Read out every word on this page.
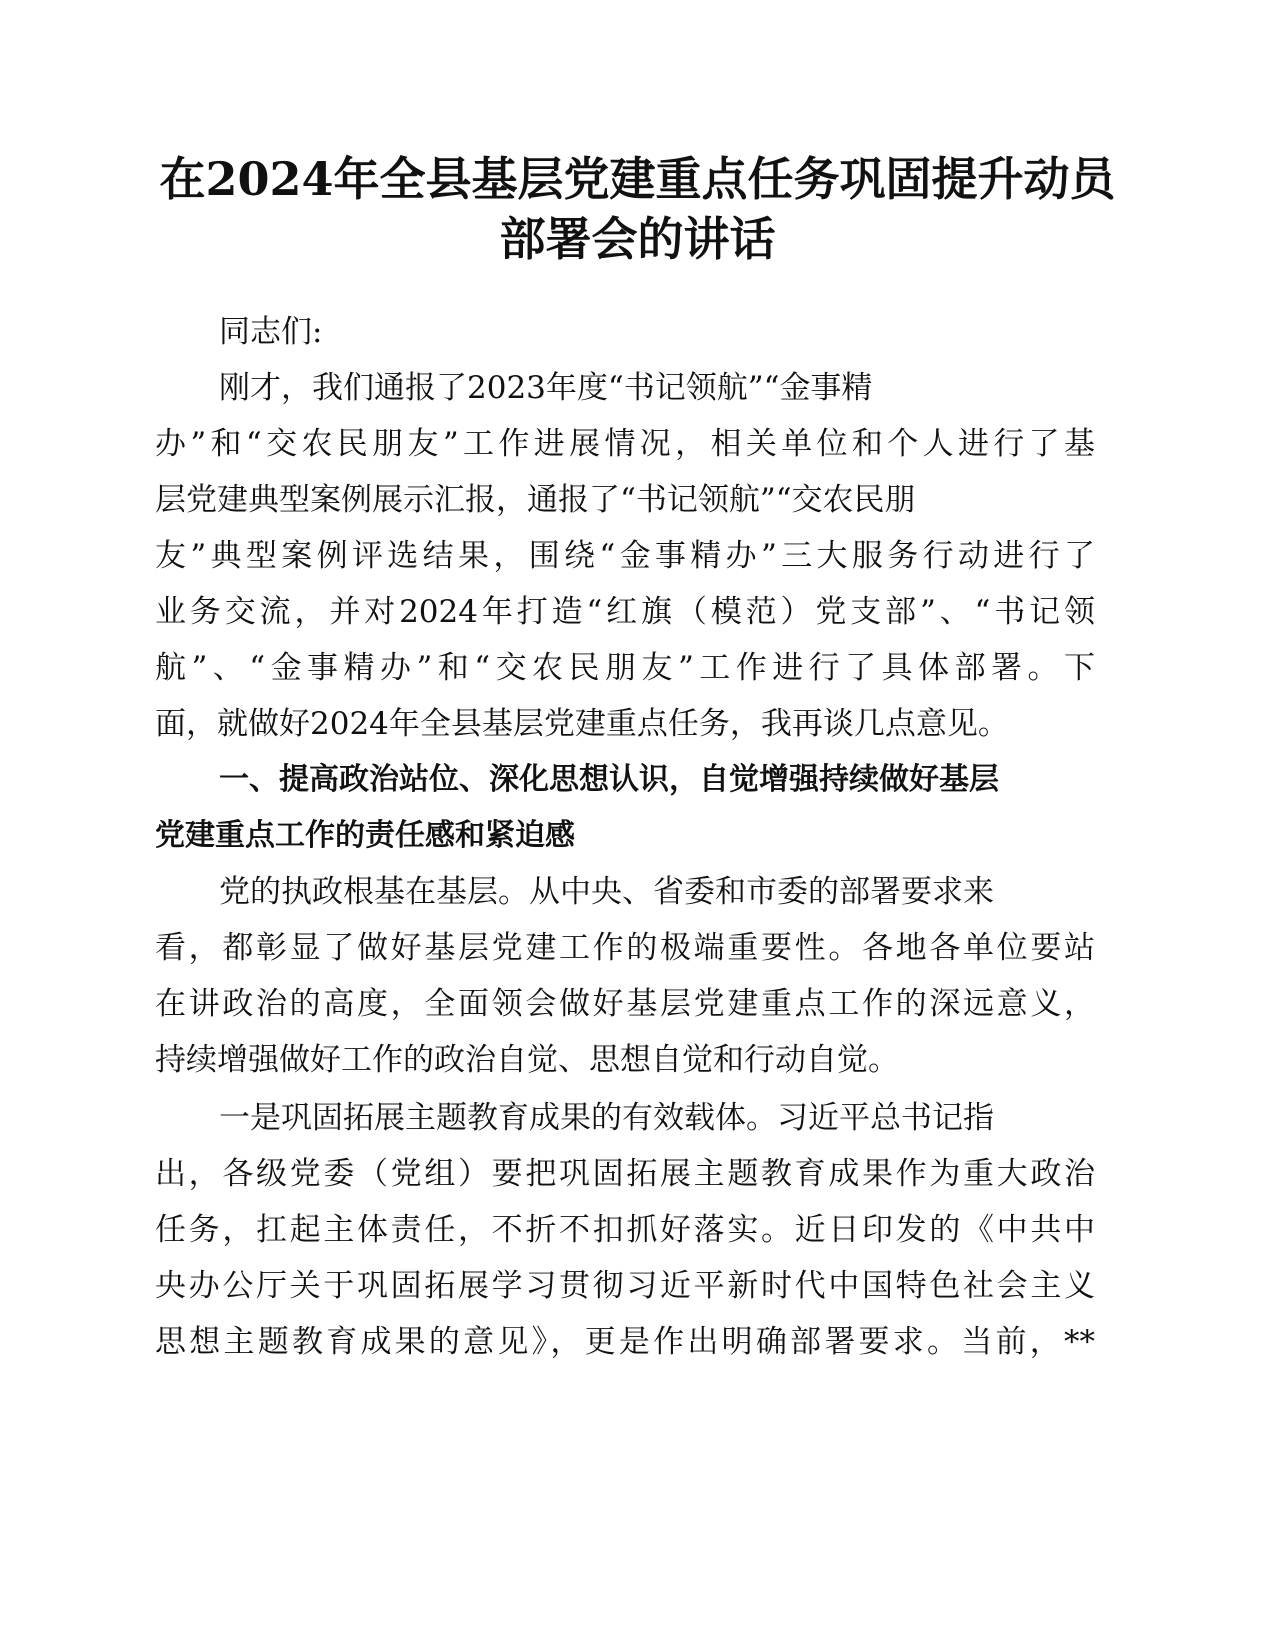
在2024年全县基层党建重点任务巩固提升动员
部署会的讲话

同志们:

刚才，我们通报了2023年度“书记领航”“金事精

办”和“交农民朋友”工作进展情况，相关单位和个人进行了基

层党建典型案例展示汇报，通报了“书记领航”“交农民朋

友”典型案例评选结果，围绕“金事精办”三大服务行动进行了

业务交流，并对2024年打造“红旗（模范）党支部”、“书记领

航”、“金事精办”和“交农民朋友”工作进行了具体部署。下

面，就做好2024年全县基层党建重点任务，我再谈几点意见。

一、提高政治站位、深化思想认识，自觉增强持续做好基层

党建重点工作的责任感和紧迫感

党的执政根基在基层。从中央、省委和市委的部署要求来

看，都彰显了做好基层党建工作的极端重要性。各地各单位要站

在讲政治的高度，全面领会做好基层党建重点工作的深远意义，

持续增强做好工作的政治自觉、思想自觉和行动自觉。

一是巩固拓展主题教育成果的有效载体。习近平总书记指

出，各级党委（党组）要把巩固拓展主题教育成果作为重大政治

任务，扛起主体责任，不折不扣抓好落实。近日印发的《中共中

央办公厅关于巩固拓展学习贯彻习近平新时代中国特色社会主义

思想主题教育成果的意见》，更是作出明确部署要求。当前，**
